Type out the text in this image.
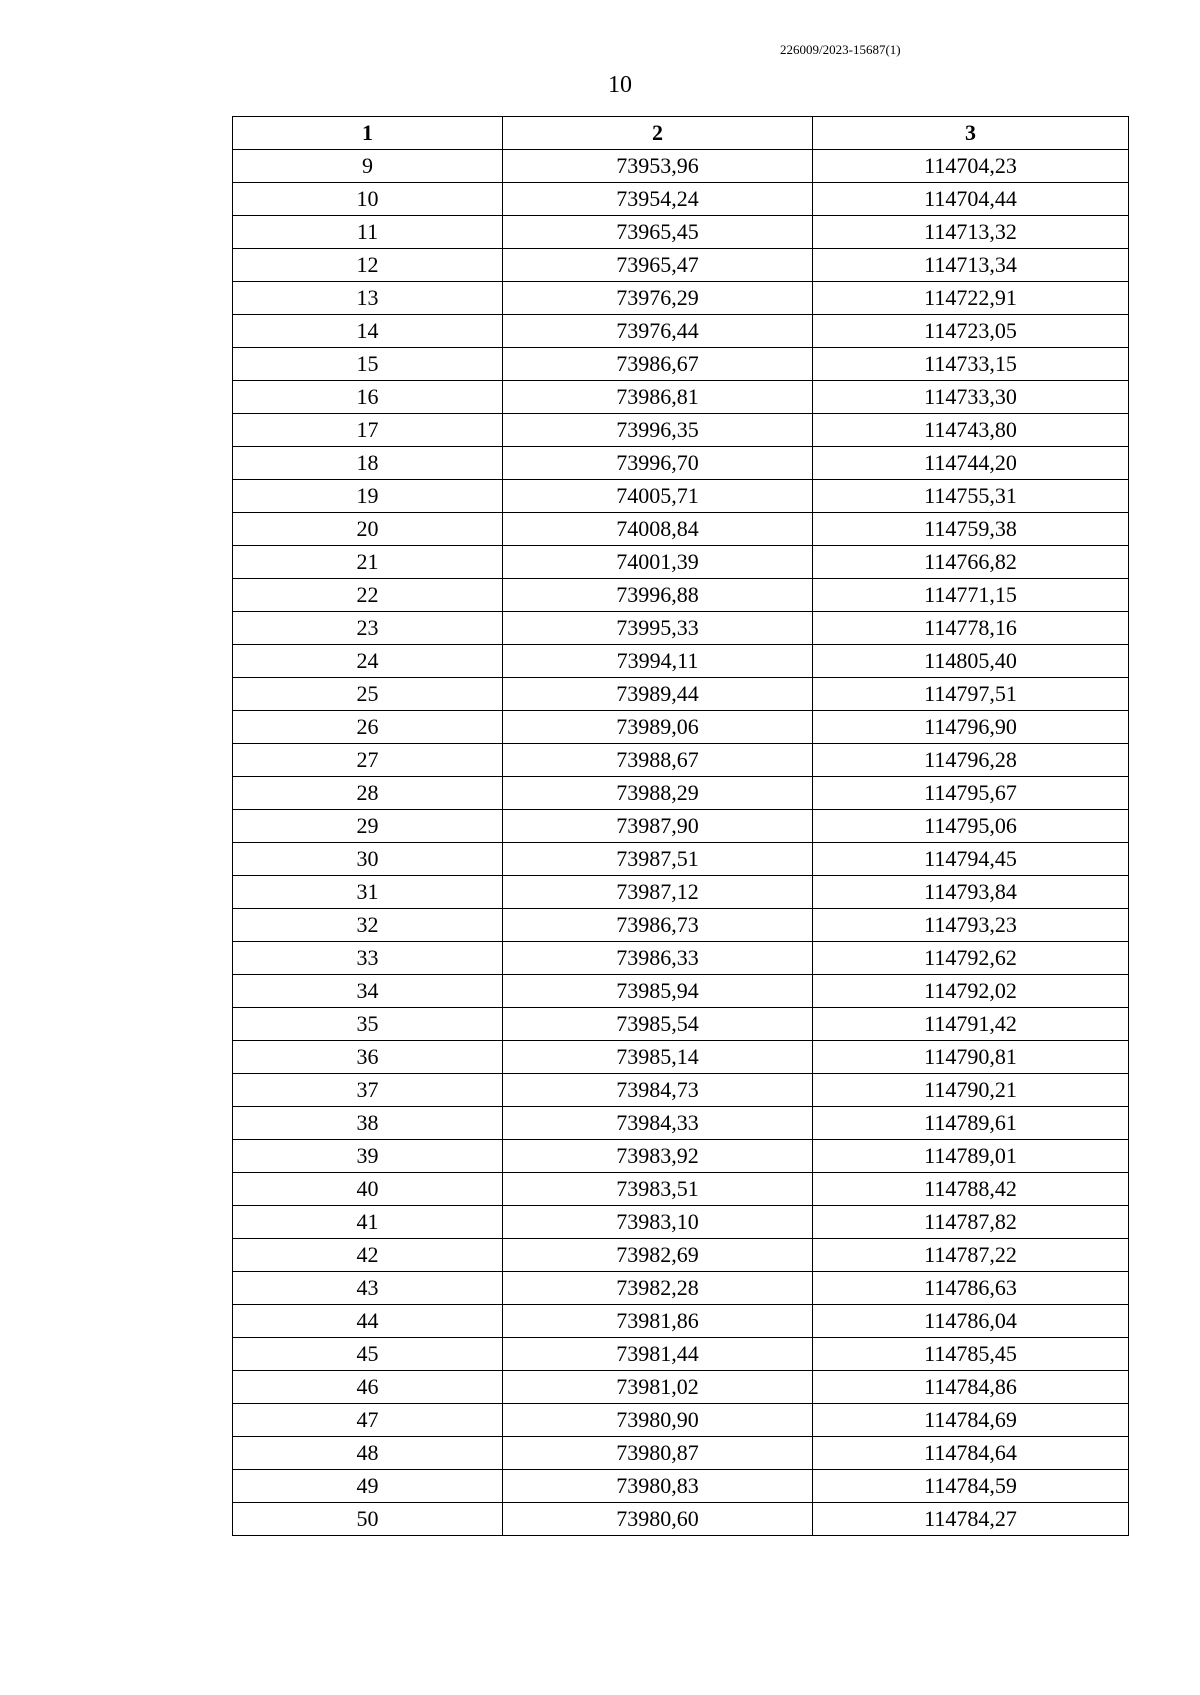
226009/2023-15687(1)
10
1	2	3
9	73953,96	114704,23
10	73954,24	114704,44
11	73965,45	114713,32
12	73965,47	114713,34
13	73976,29	114722,91
14	73976,44	114723,05
15	73986,67	114733,15
16	73986,81	114733,30
17	73996,35	114743,80
18	73996,70	114744,20
19	74005,71	114755,31
20	74008,84	114759,38
21	74001,39	114766,82
22	73996,88	114771,15
23	73995,33	114778,16
24	73994,11	114805,40
25	73989,44	114797,51
26	73989,06	114796,90
27	73988,67	114796,28
28	73988,29	114795,67
29	73987,90	114795,06
30	73987,51	114794,45
31	73987,12	114793,84
32	73986,73	114793,23
33	73986,33	114792,62
34	73985,94	114792,02
35	73985,54	114791,42
36	73985,14	114790,81
37	73984,73	114790,21
38	73984,33	114789,61
39	73983,92	114789,01
40	73983,51	114788,42
41	73983,10	114787,82
42	73982,69	114787,22
43	73982,28	114786,63
44	73981,86	114786,04
45	73981,44	114785,45
46	73981,02	114784,86
47	73980,90	114784,69
48	73980,87	114784,64
49	73980,83	114784,59
50	73980,60	114784,27
